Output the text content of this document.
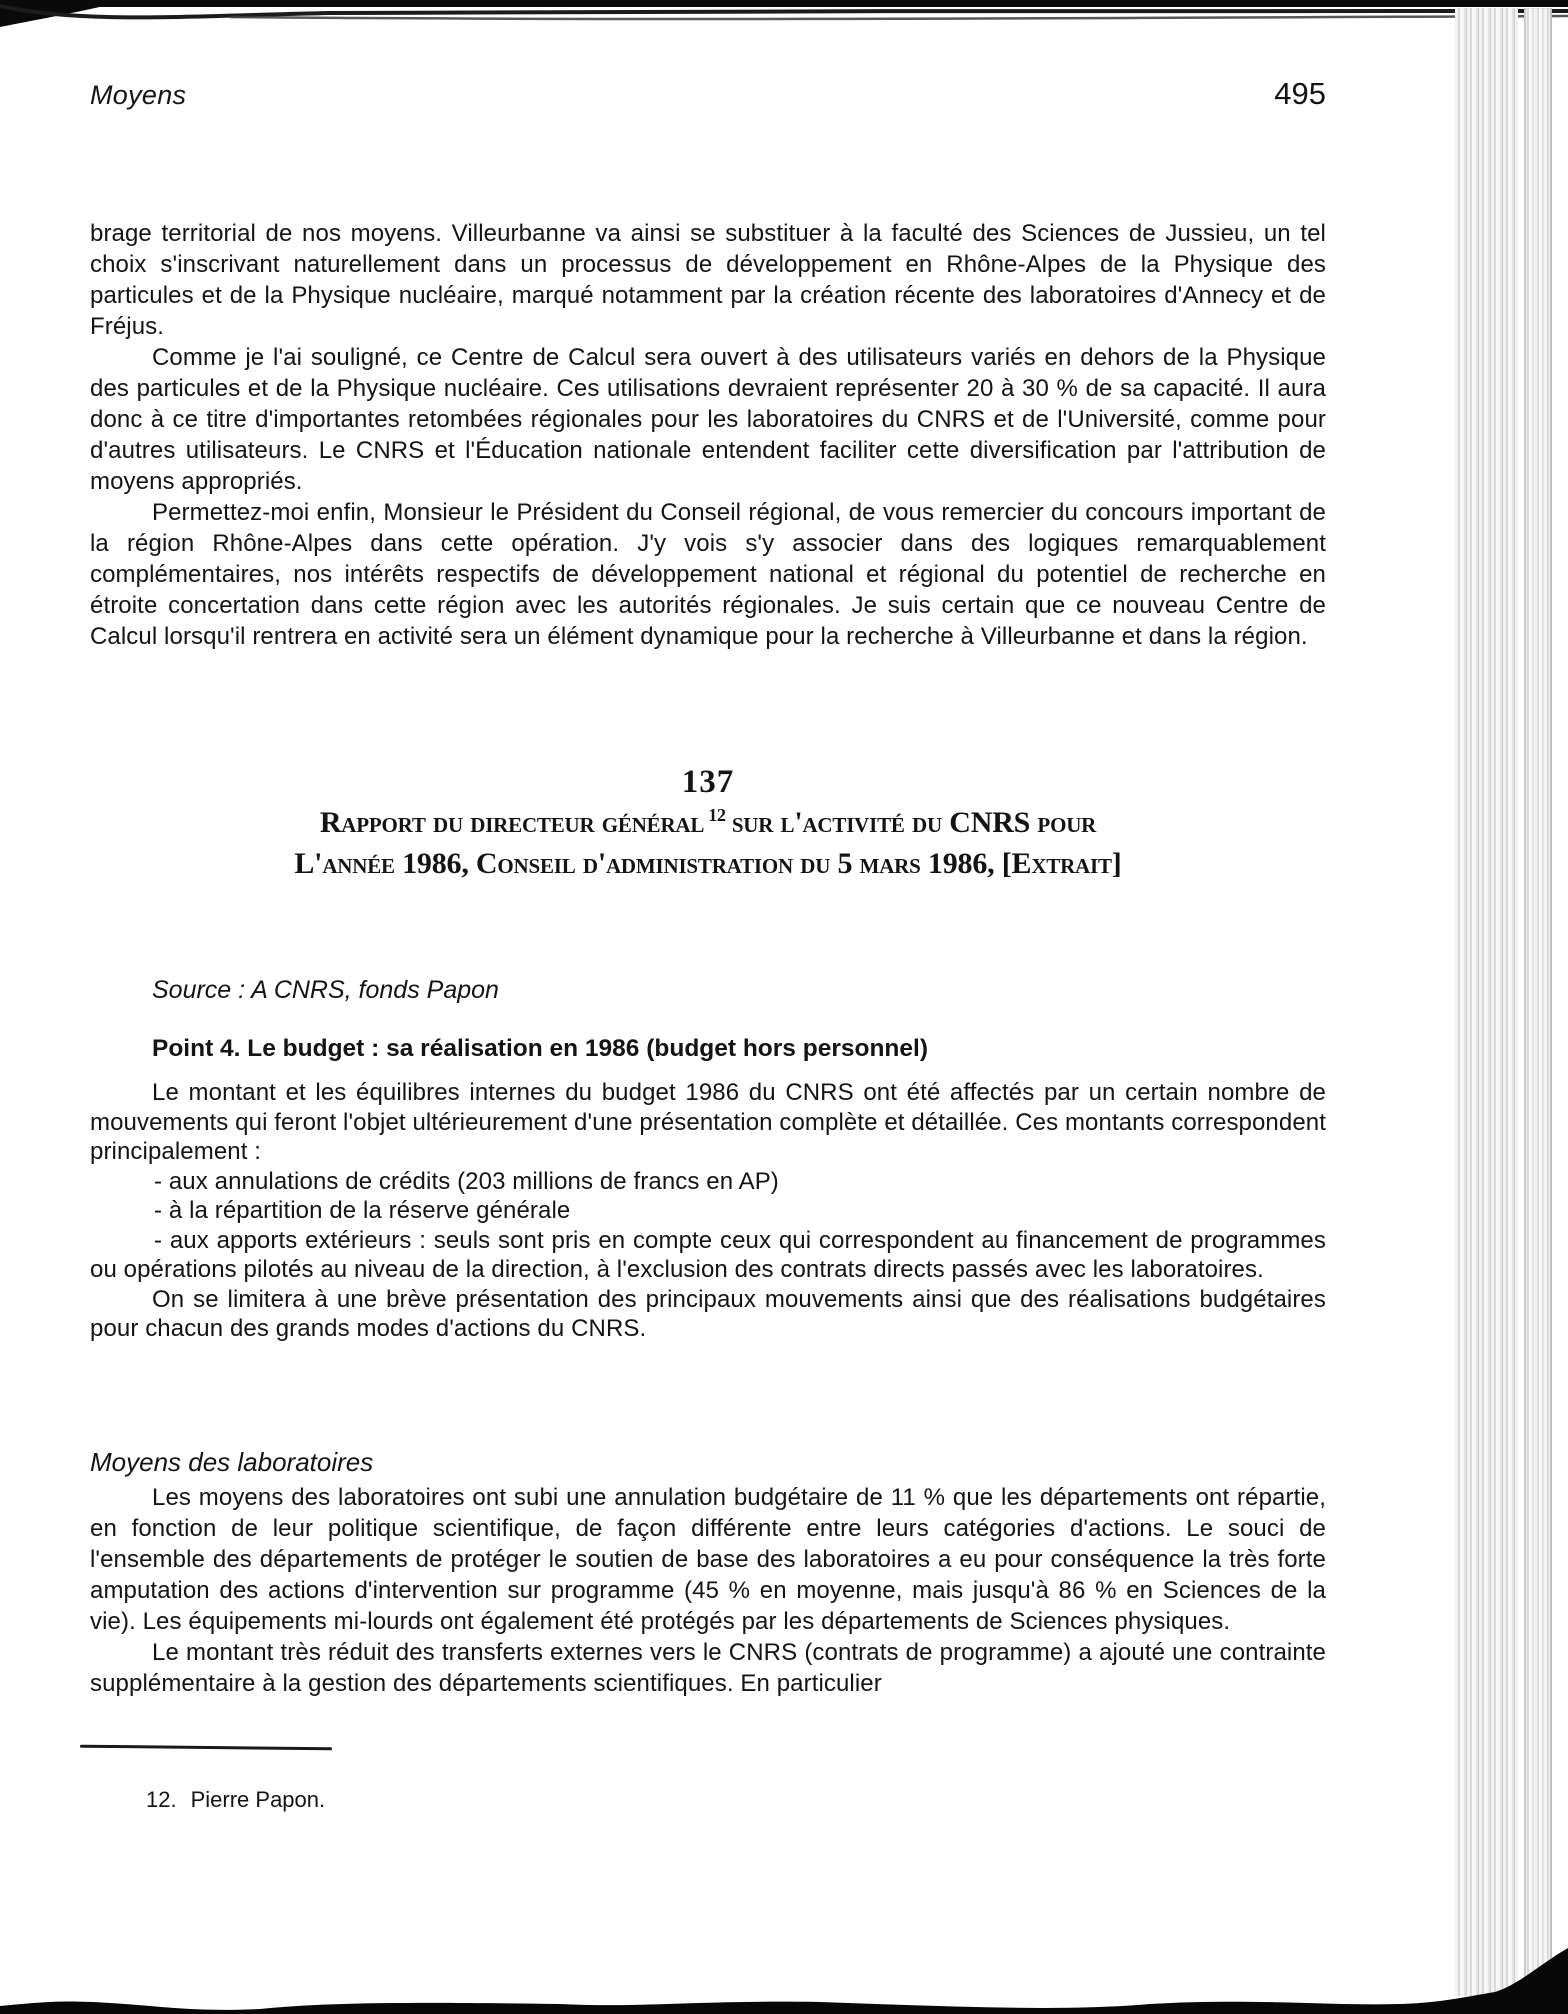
Moyens	495

brage territorial de nos moyens. Villeurbanne va ainsi se substituer à la faculté des Sciences de Jussieu, un tel choix s'inscrivant naturellement dans un processus de développement en Rhône-Alpes de la Physique des particules et de la Physique nucléaire, marqué notamment par la création récente des laboratoires d'Annecy et de Fréjus.

Comme je l'ai souligné, ce Centre de Calcul sera ouvert à des utilisateurs variés en dehors de la Physique des particules et de la Physique nucléaire. Ces utilisations devraient représenter 20 à 30 % de sa capacité. Il aura donc à ce titre d'importantes retombées régionales pour les laboratoires du CNRS et de l'Université, comme pour d'autres utilisateurs. Le CNRS et l'Éducation nationale entendent faciliter cette diversification par l'attribution de moyens appropriés.

Permettez-moi enfin, Monsieur le Président du Conseil régional, de vous remercier du concours important de la région Rhône-Alpes dans cette opération. J'y vois s'y associer dans des logiques remarquablement complémentaires, nos intérêts respectifs de développement national et régional du potentiel de recherche en étroite concertation dans cette région avec les autorités régionales. Je suis certain que ce nouveau Centre de Calcul lorsqu'il rentrera en activité sera un élément dynamique pour la recherche à Villeurbanne et dans la région.

137
Rapport du directeur général $^{12}$ sur l'activité du CNRS pour
L'année 1986, Conseil d'administration du 5 mars 1986, [Extrait]

Source : A CNRS, fonds Papon

Point 4. Le budget : sa réalisation en 1986 (budget hors personnel)

Le montant et les équilibres internes du budget 1986 du CNRS ont été affectés par un certain nombre de mouvements qui feront l'objet ultérieurement d'une présentation complète et détaillée. Ces montants correspondent principalement :

- aux annulations de crédits (203 millions de francs en AP)

- à la répartition de la réserve générale

- aux apports extérieurs : seuls sont pris en compte ceux qui correspondent au financement de programmes ou opérations pilotés au niveau de la direction, à l'exclusion des contrats directs passés avec les laboratoires.

On se limitera à une brève présentation des principaux mouvements ainsi que des réalisations budgétaires pour chacun des grands modes d'actions du CNRS.

Moyens des laboratoires

Les moyens des laboratoires ont subi une annulation budgétaire de 11 % que les départements ont répartie, en fonction de leur politique scientifique, de façon différente entre leurs catégories d'actions. Le souci de l'ensemble des départements de protéger le soutien de base des laboratoires a eu pour conséquence la très forte amputation des actions d'intervention sur programme (45 % en moyenne, mais jusqu'à 86 % en Sciences de la vie). Les équipements mi-lourds ont également été protégés par les départements de Sciences physiques.

Le montant très réduit des transferts externes vers le CNRS (contrats de programme) a ajouté une contrainte supplémentaire à la gestion des départements scientifiques. En particulier

12. Pierre Papon.
